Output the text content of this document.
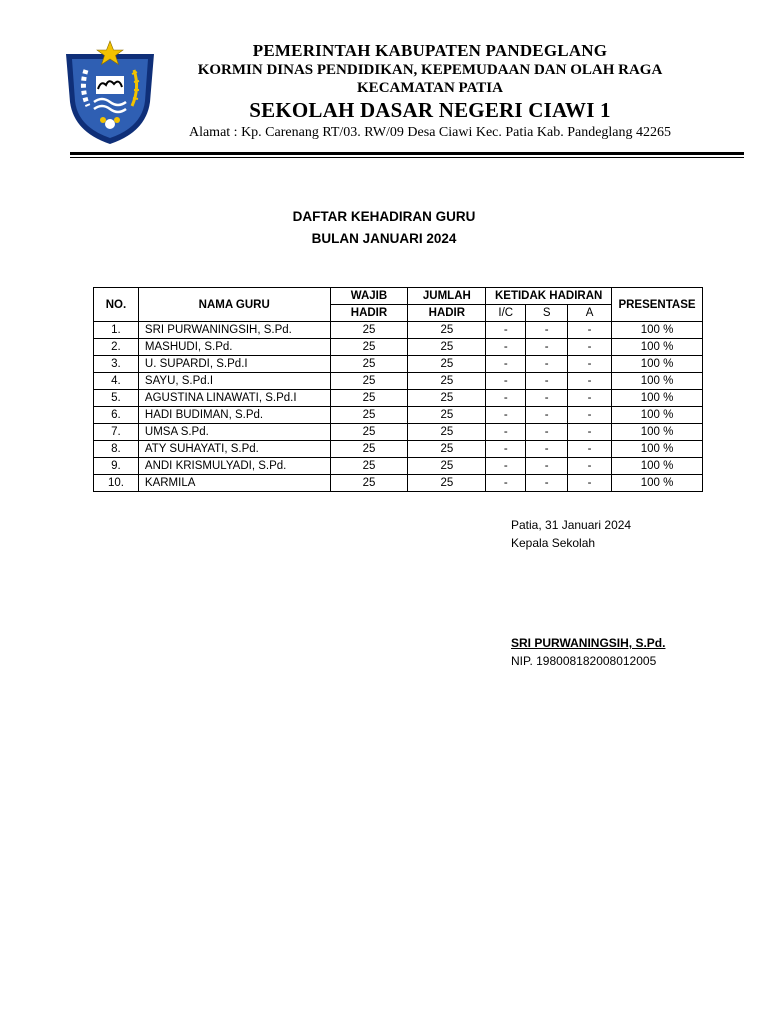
PEMERINTAH KABUPATEN PANDEGLANG
KORMIN DINAS PENDIDIKAN, KEPEMUDAAN DAN OLAH RAGA
KECAMATAN PATIA
SEKOLAH DASAR NEGERI CIAWI 1
Alamat : Kp. Carenang RT/03. RW/09 Desa Ciawi Kec. Patia Kab. Pandeglang 42265
DAFTAR KEHADIRAN GURU
BULAN JANUARI 2024
NO.	NAMA GURU	WAJIB	JUMLAH	KETIDAK HADIRAN			PRESENTASE
		HADIR	HADIR	I/C	S	A	
1.	SRI PURWANINGSIH, S.Pd.	25	25	-	-	-	100 %
2.	MASHUDI, S.Pd.	25	25	-	-	-	100 %
3.	U. SUPARDI, S.Pd.I	25	25	-	-	-	100 %
4.	SAYU, S.Pd.I	25	25	-	-	-	100 %
5.	AGUSTINA LINAWATI, S.Pd.I	25	25	-	-	-	100 %
6.	HADI BUDIMAN, S.Pd.	25	25	-	-	-	100 %
7.	UMSA S.Pd.	25	25	-	-	-	100 %
8.	ATY SUHAYATI, S.Pd.	25	25	-	-	-	100 %
9.	ANDI KRISMULYADI, S.Pd.	25	25	-	-	-	100 %
10.	KARMILA	25	25	-	-	-	100 %
Patia, 31 Januari 2024
Kepala Sekolah
SRI PURWANINGSIH, S.Pd.
NIP. 198008182008012005
